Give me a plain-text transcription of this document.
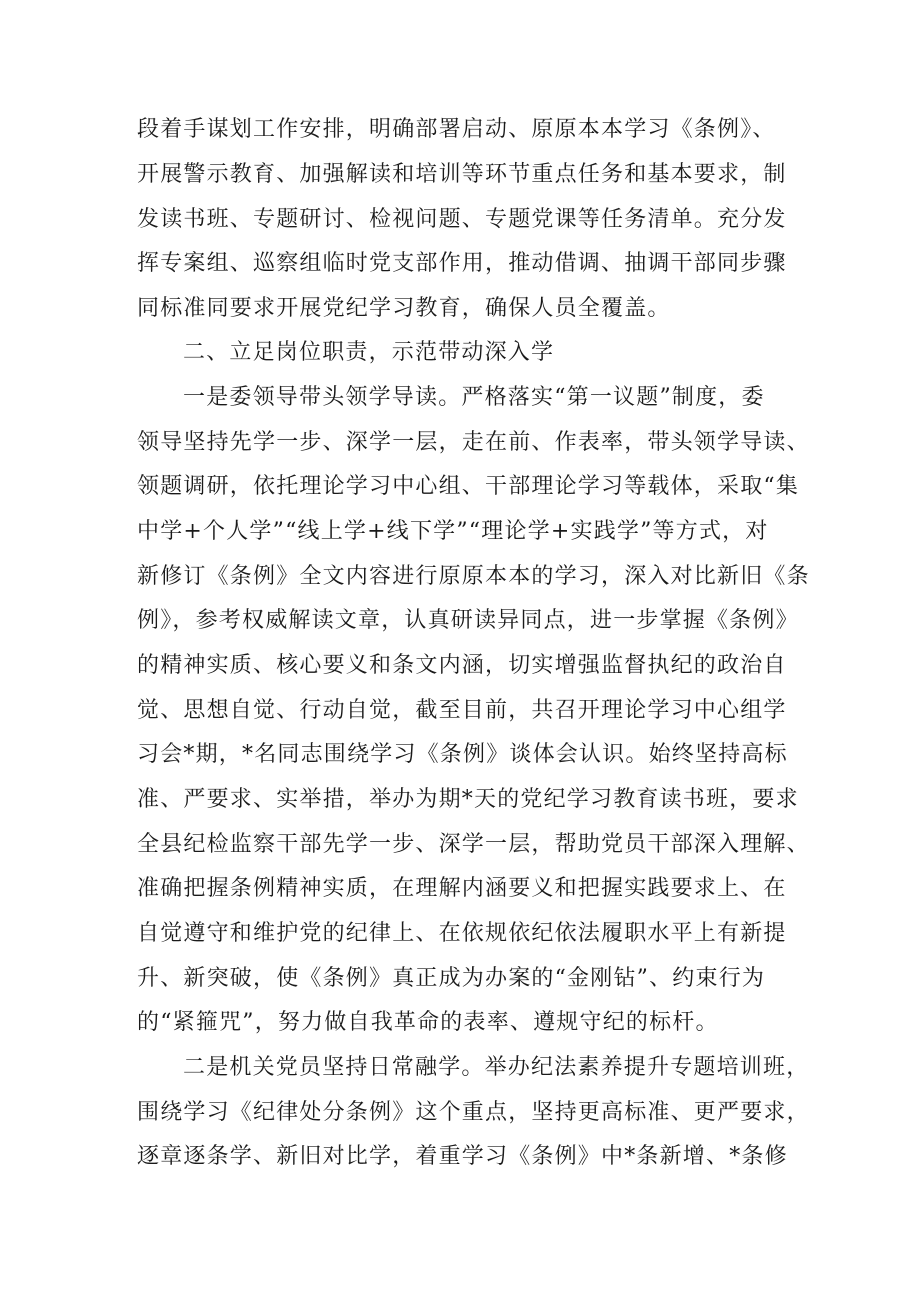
段着手谋划工作安排，明确部署启动、原原本本学习《条例》、
开展警示教育、加强解读和培训等环节重点任务和基本要求，制
发读书班、专题研讨、检视问题、专题党课等任务清单。充分发
挥专案组、巡察组临时党支部作用，推动借调、抽调干部同步骤
同标准同要求开展党纪学习教育，确保人员全覆盖。
二、立足岗位职责，示范带动深入学
一是委领导带头领学导读。严格落实“第一议题”制度，委
领导坚持先学一步、深学一层，走在前、作表率，带头领学导读、
领题调研，依托理论学习中心组、干部理论学习等载体，采取“集
中学+个人学”“线上学+线下学”“理论学+实践学”等方式，对
新修订《条例》全文内容进行原原本本的学习，深入对比新旧《条
例》，参考权威解读文章，认真研读异同点，进一步掌握《条例》
的精神实质、核心要义和条文内涵，切实增强监督执纪的政治自
觉、思想自觉、行动自觉，截至目前，共召开理论学习中心组学
习会*期，*名同志围绕学习《条例》谈体会认识。始终坚持高标
准、严要求、实举措，举办为期*天的党纪学习教育读书班，要求
全县纪检监察干部先学一步、深学一层，帮助党员干部深入理解、
准确把握条例精神实质，在理解内涵要义和把握实践要求上、在
自觉遵守和维护党的纪律上、在依规依纪依法履职水平上有新提
升、新突破，使《条例》真正成为办案的“金刚钻”、约束行为
的“紧箍咒”，努力做自我革命的表率、遵规守纪的标杆。
二是机关党员坚持日常融学。举办纪法素养提升专题培训班，
围绕学习《纪律处分条例》这个重点，坚持更高标准、更严要求，
逐章逐条学、新旧对比学，着重学习《条例》中*条新增、*条修
